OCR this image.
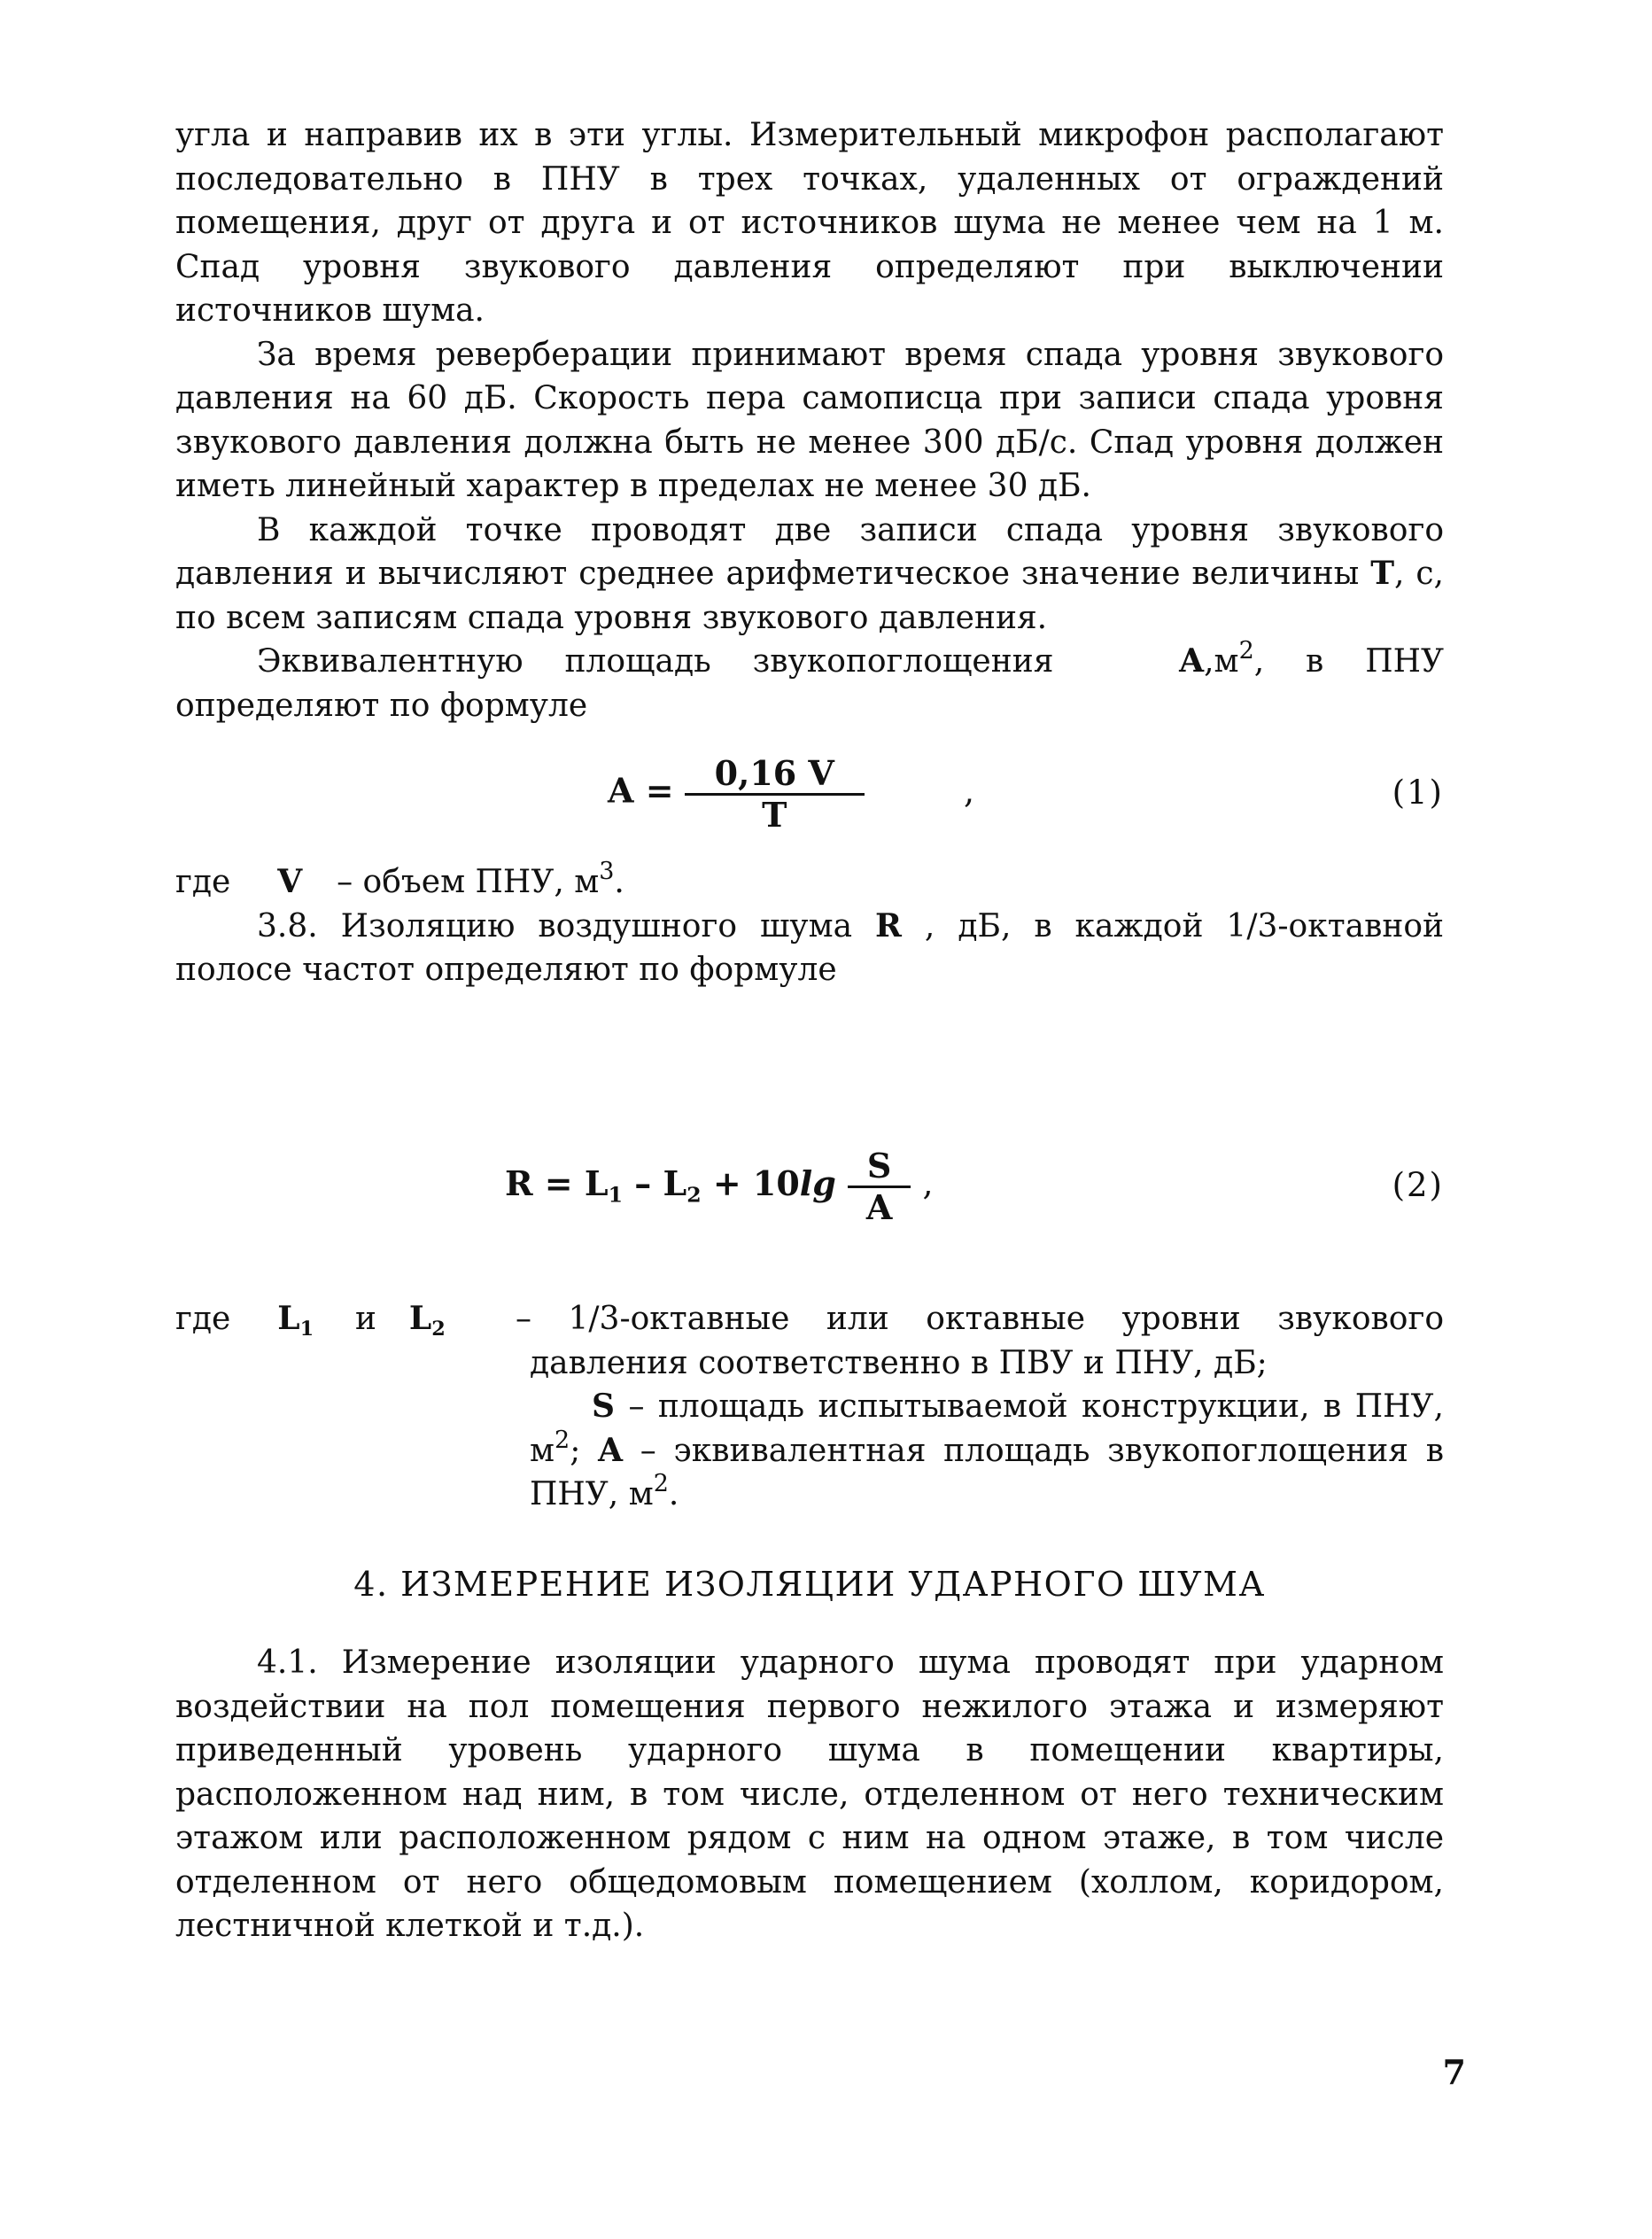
угла и направив их в эти углы. Измерительный микрофон располагают последовательно в ПНУ в трех точках, удаленных от ограждений помещения, друг от друга и от источников шума не менее чем на 1 м. Спад уровня звукового давления определяют при выключении источников шума.

За время реверберации принимают время спада уровня звукового давления на 60 дБ. Скорость пера самописца при записи спада уровня звукового давления должна быть не менее 300 дБ/с. Спад уровня должен иметь линейный характер в пределах не менее 30 дБ.

В каждой точке проводят две записи спада уровня звукового давления и вычисляют среднее арифметическое значение величины T, с, по всем записям спада уровня звукового давления.

Эквивалентную площадь звукопоглощения	$A,м^2$, в ПНУ определяют по формуле

$A = \frac{0,16 V}{T}$	,	(1)

где V – объем ПНУ, $м^3$.

3.8. Изоляцию воздушного шума R , дБ, в каждой 1/3-октавной полосе частот определяют по формуле

$R = L_1 - L_2 + 10\lg \frac{S}{A}$ ,	(2)
где $L_1$ и $L_2$ – 1/3-октавные или октавные уровни звукового давления соответственно в ПВУ и ПНУ, дБ;

S – площадь испытываемой конструкции, в ПНУ, $м^2$; A – эквивалентная площадь звукопоглощения в ПНУ, $м^2$.

4. ИЗМЕРЕНИЕ ИЗОЛЯЦИИ УДАРНОГО ШУМА

4.1. Измерение изоляции ударного шума проводят при ударном воздействии на пол помещения первого нежилого этажа и измеряют приведенный уровень ударного шума в помещении квартиры, расположенном над ним, в том числе, отделенном от него техническим этажом или расположенном рядом с ним на одном этаже, в том числе отделенном от него общедомовым помещением (холлом, коридором, лестничной клеткой и т.д.).

7
